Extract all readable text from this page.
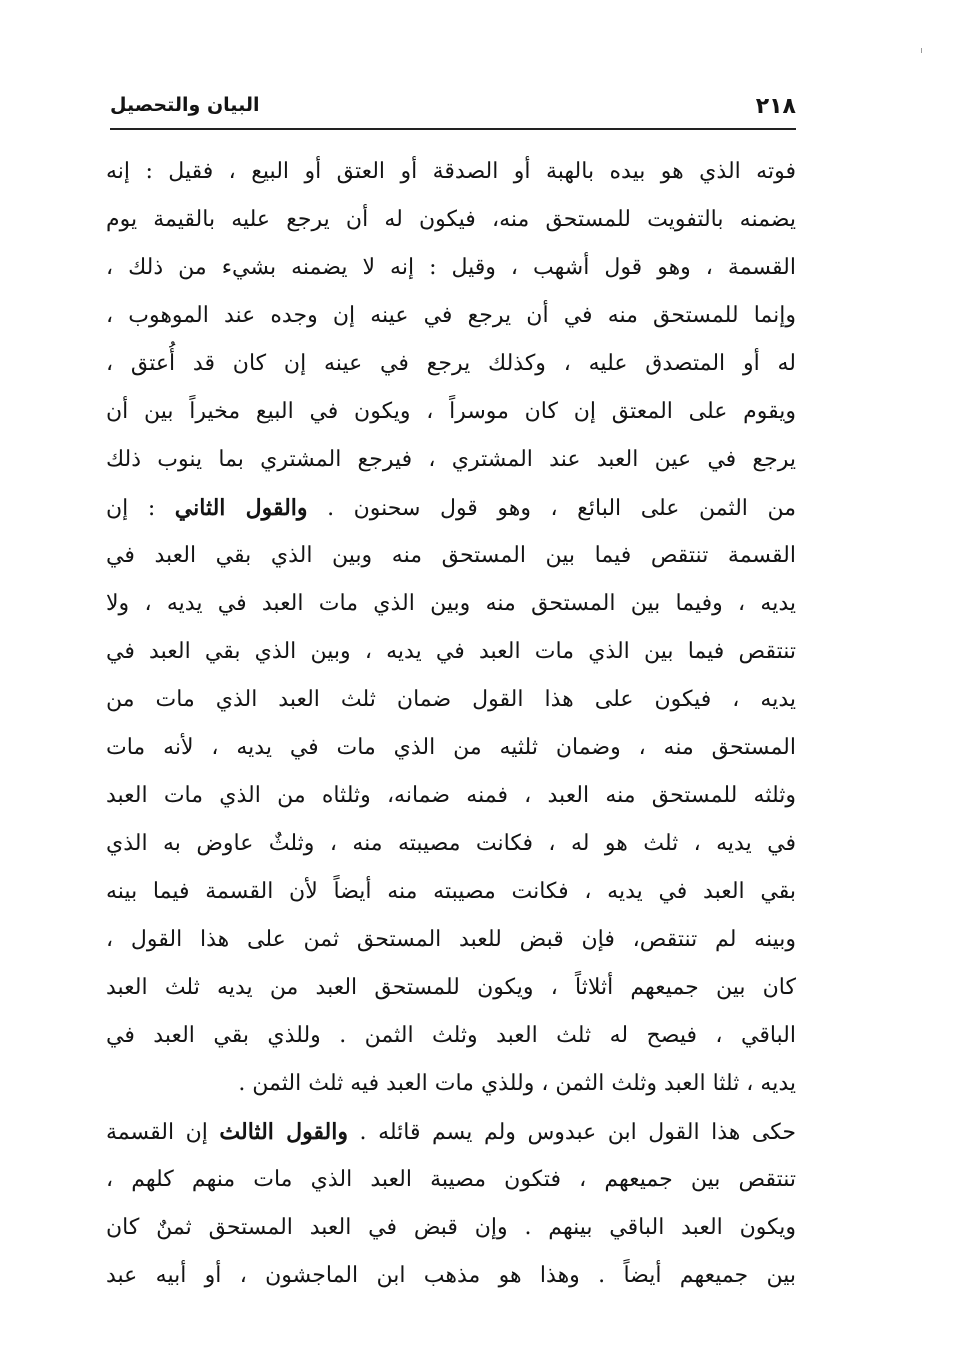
٢١٨
البيان والتحصيل
فوته الذي هو بيده بالهبة أو الصدقة أو العتق أو البيع ، فقيل : إنه
يضمنه بالتفويت للمستحق منه، فيكون له أن يرجع عليه بالقيمة يوم
القسمة ، وهو قول أشهب ، وقيل : إنه لا يضمنه بشيء من ذلك ،
وإنما للمستحق منه في أن يرجع في عينه إن وجده عند الموهوب ،
له أو المتصدق عليه ، وكذلك يرجع في عينه إن كان قد أُعتق ،
ويقوم على المعتق إن كان موسراً ، ويكون في البيع مخيراً بين أن
يرجع في عين العبد عند المشتري ، فيرجع المشتري بما ينوب ذلك
من الثمن على البائع ، وهو قول سحنون . والقول الثاني : إن
القسمة تنتقص فيما بين المستحق منه وبين الذي بقي العبد في
يديه ، وفيما بين المستحق منه وبين الذي مات العبد في يديه ، ولا
تنتقص فيما بين الذي مات العبد في يديه ، وبين الذي بقي العبد في
يديه ، فيكون على هذا القول ضمان ثلث العبد الذي مات من
المستحق منه ، وضمان ثلثيه من الذي مات في يديه ، لأنه مات
وثلثه للمستحق منه العبد ، فمنه ضمانه، وثلثاه من الذي مات العبد
في يديه ، ثلث هو له ، فكانت مصيبته منه ، وثلثٌ عاوض به الذي
بقي العبد في يديه ، فكانت مصيبته منه أيضاً لأن القسمة فيما بينه
وبينه لم تنتقص، فإن قبض للعبد المستحق ثمن على هذا القول ،
كان بين جميعهم أثلاثاً ، ويكون للمستحق العبد من يديه ثلث العبد
الباقي ، فيصح له ثلث العبد وثلث الثمن . وللذي بقي العبد في
يديه ، ثلثا العبد وثلث الثمن ، وللذي مات العبد فيه ثلث الثمن .
حكى هذا القول ابن عبدوس ولم يسم قائله . والقول الثالث إن القسمة
تنتقص بين جميعهم ، فتكون مصيبة العبد الذي مات منهم كلهم ،
ويكون العبد الباقي بينهم . وإن قبض في العبد المستحق ثمنٌ كان
بين جميعهم أيضاً . وهذا هو مذهب ابن الماجشون ، أو أبيه عبد
